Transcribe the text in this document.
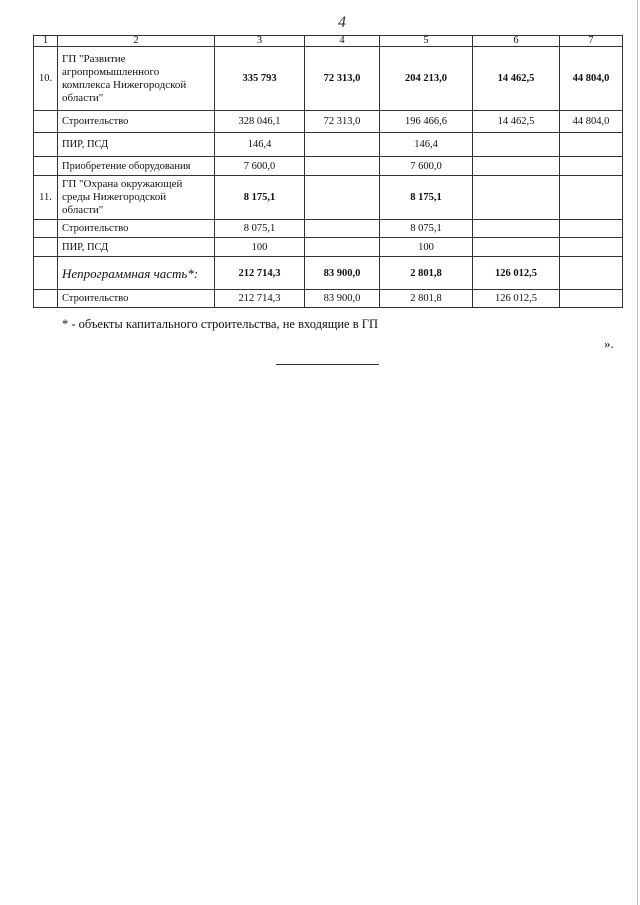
4
1	2	3	4	5	6	7
10.	ГП "Развитие агропромышленного комплекса Нижегородской области"	335 793	72 313,0	204 213,0	14 462,5	44 804,0
	Строительство	328 046,1	72 313,0	196 466,6	14 462,5	44 804,0
	ПИР, ПСД	146,4		146,4		
	Приобретение оборудования	7 600,0		7 600,0		
11.	ГП "Охрана окружающей среды Нижегородской области"	8 175,1		8 175,1		
	Строительство	8 075,1		8 075,1		
	ПИР, ПСД	100		100		
	Непрограммная часть*:	212 714,3	83 900,0	2 801,8	126 012,5	
	Строительство	212 714,3	83 900,0	2 801,8	126 012,5	
* - объекты капитального строительства, не входящие в ГП
».
